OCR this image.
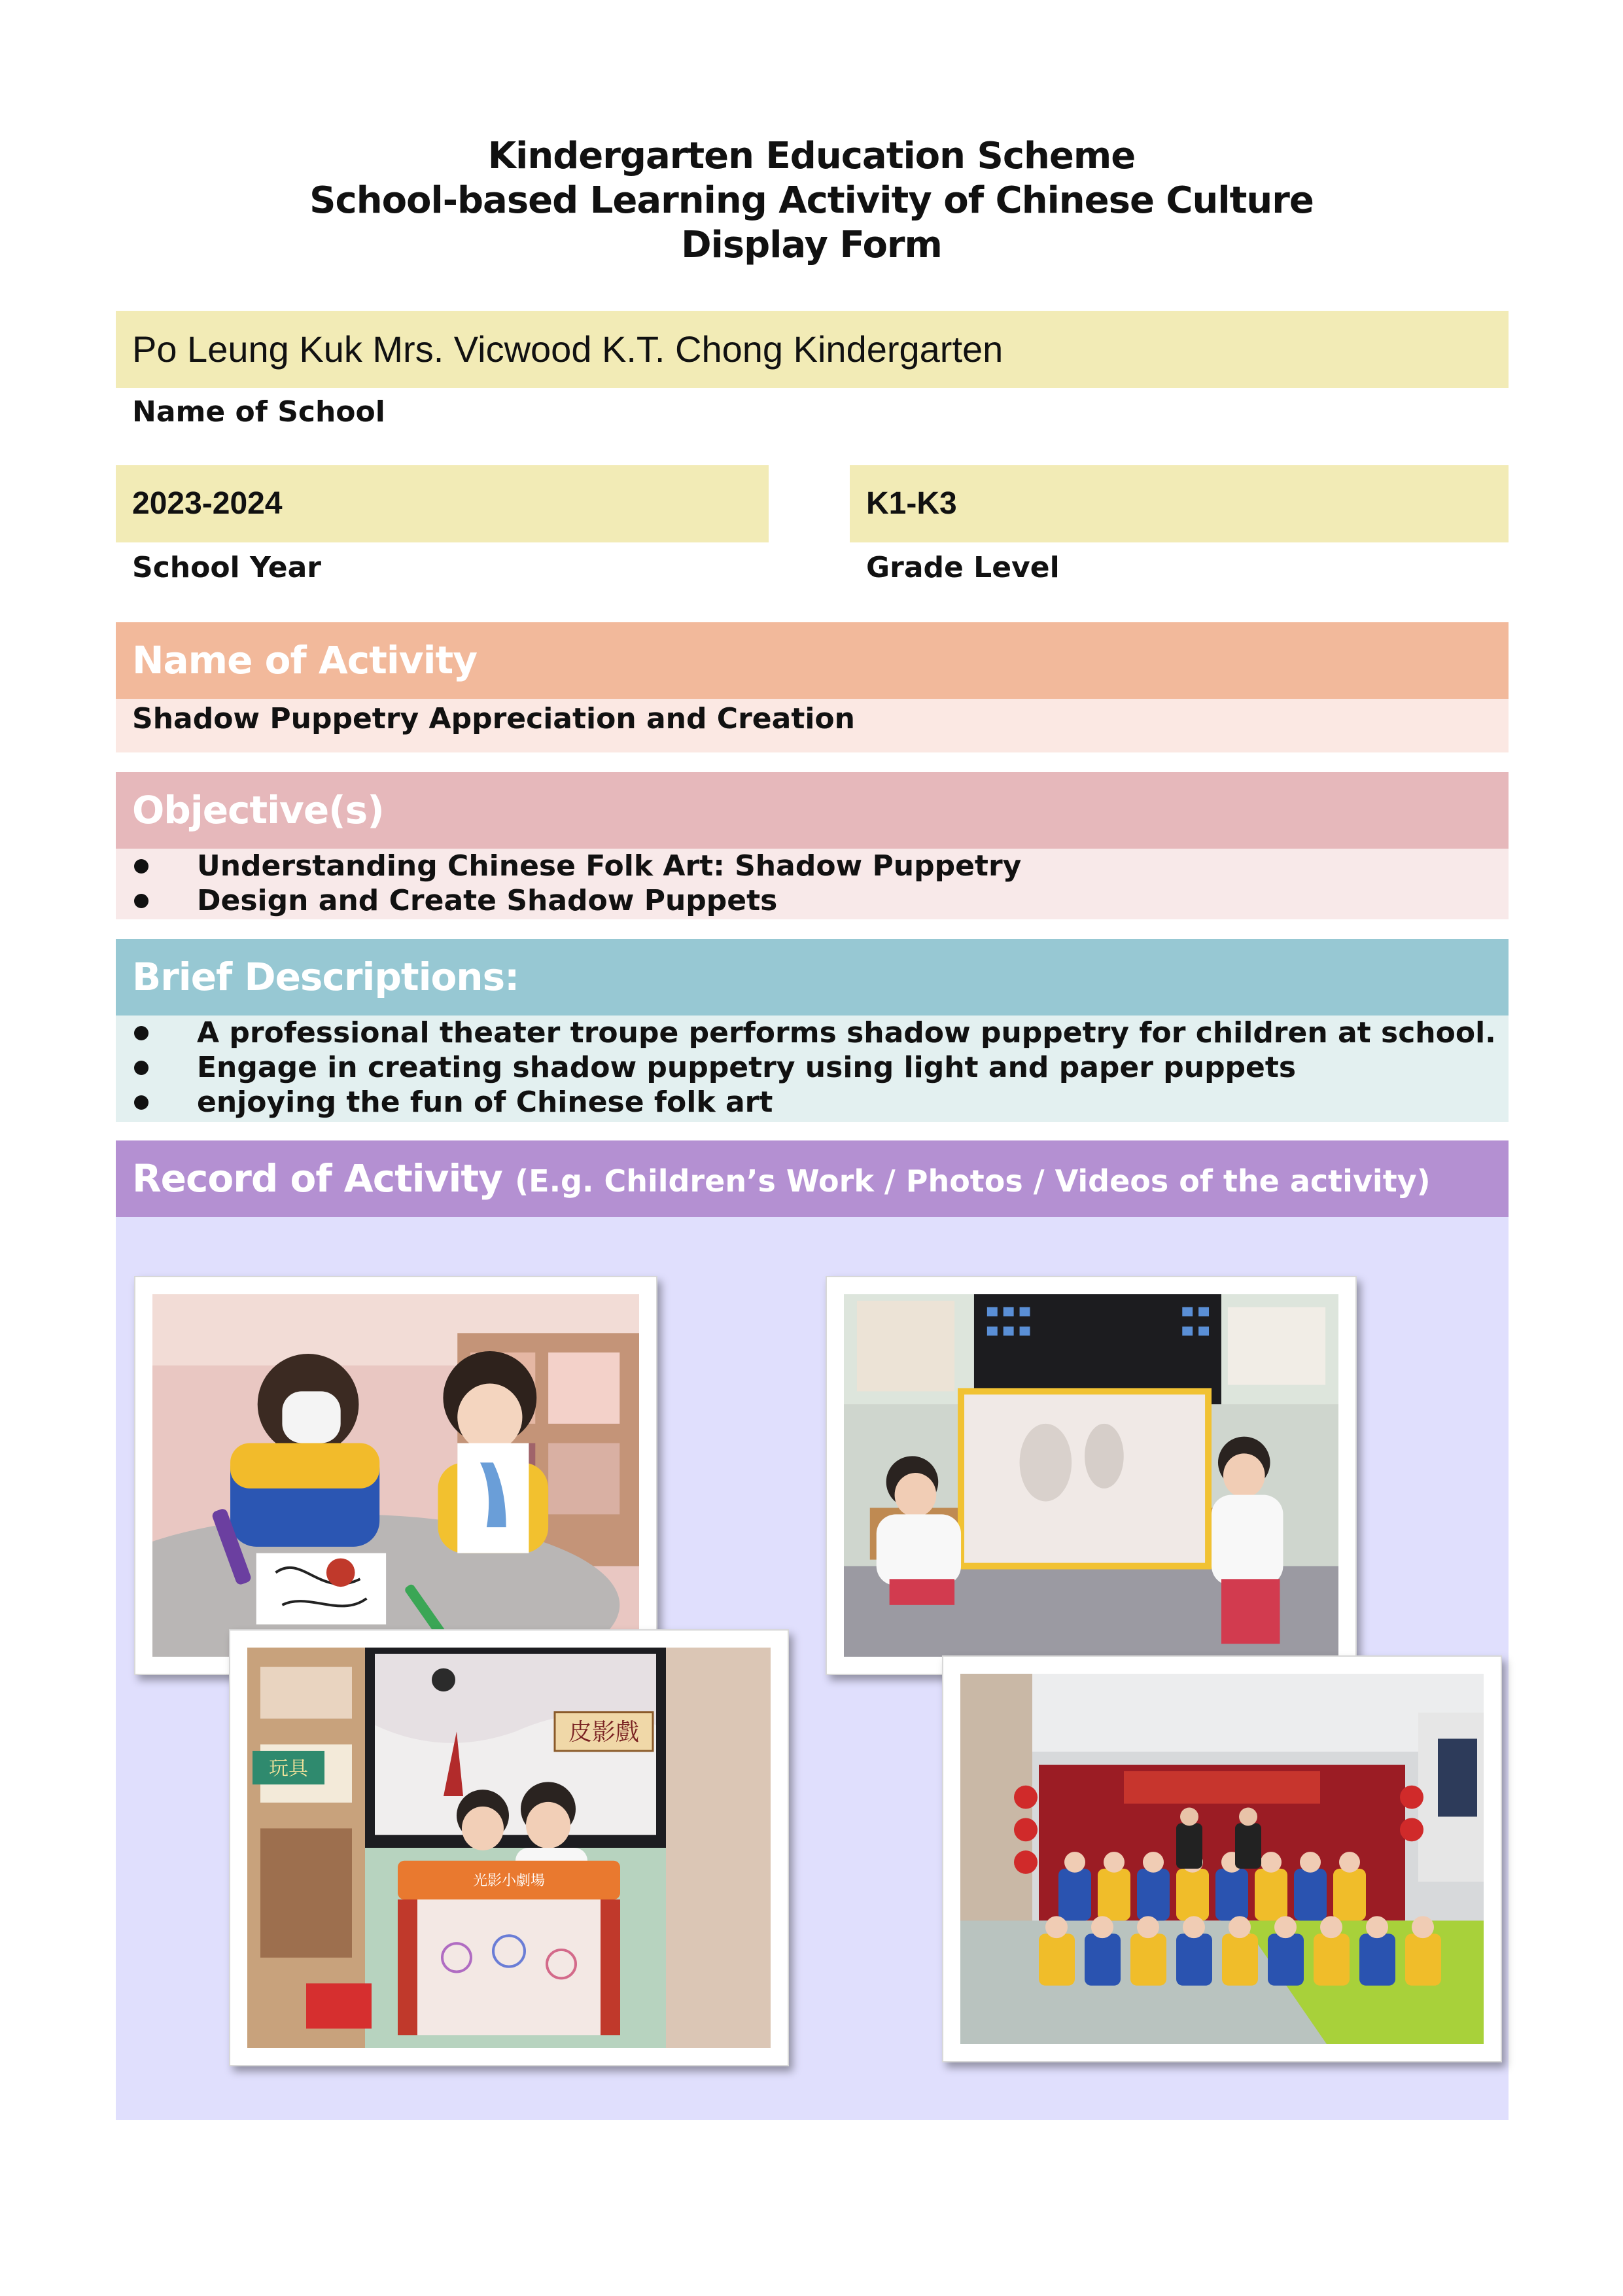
Kindergarten Education Scheme
School-based Learning Activity of Chinese Culture
Display Form
Po Leung Kuk Mrs. Vicwood K.T. Chong Kindergarten
Name of School
2023-2024
School Year
K1-K3
Grade Level
Name of Activity
Shadow Puppetry Appreciation and Creation
Objective(s)
Understanding Chinese Folk Art: Shadow Puppetry
Design and Create Shadow Puppets
Brief Descriptions:
A professional theater troupe performs shadow puppetry for children at school.
Engage in creating shadow puppetry using light and paper puppets
enjoying the fun of Chinese folk art
Record of Activity (E.g. Children’s Work / Photos / Videos of the activity)
皮影戲
玩具
光影小劇場
